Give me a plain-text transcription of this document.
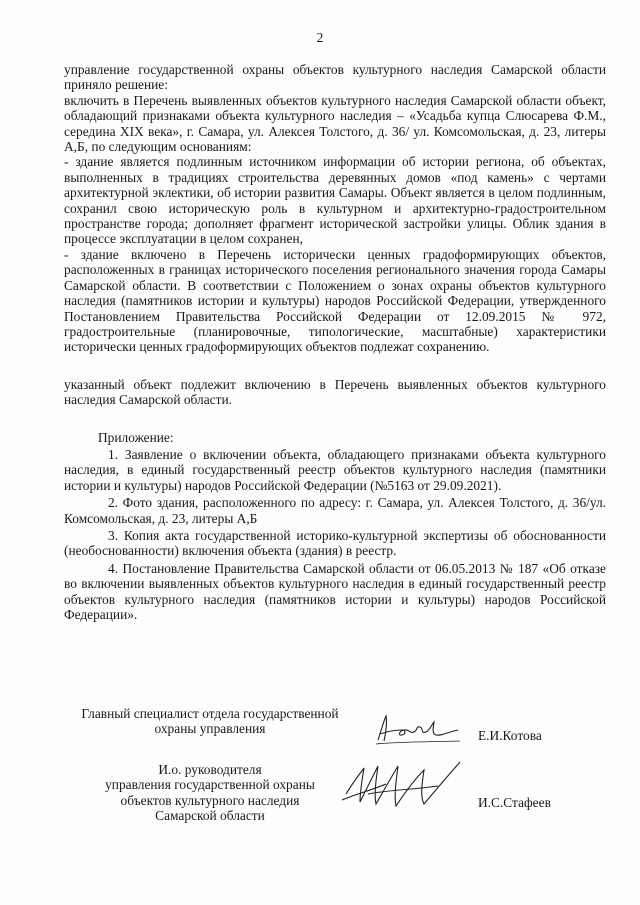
2

управление государственной охраны объектов культурного наследия Самарской области приняло решение:

включить в Перечень выявленных объектов культурного наследия Самарской области объект, обладающий признаками объекта культурного наследия – «Усадьба купца Слюсарева Ф.М., середина XIX века», г. Самара, ул. Алексея Толстого, д. 36/ ул. Комсомольская, д. 23, литеры А,Б, по следующим основаниям:

- здание является подлинным источником информации об истории региона, об объектах, выполненных в традициях строительства деревянных домов «под камень» с чертами архитектурной эклектики, об истории развития Самары. Объект является в целом подлинным, сохранил свою историческую роль в культурном и архитектурно-градостроительном пространстве города; дополняет фрагмент исторической застройки улицы. Облик здания в процессе эксплуатации в целом сохранен,

- здание включено в Перечень исторически ценных градоформирующих объектов, расположенных в границах исторического поселения регионального значения города Самары Самарской области. В соответствии с Положением о зонах охраны объектов культурного наследия (памятников истории и культуры) народов Российской Федерации, утвержденного Постановлением Правительства Российской Федерации от 12.09.2015 № 972, градостроительные (планировочные, типологические, масштабные) характеристики исторически ценных градоформирующих объектов подлежат сохранению.

указанный объект подлежит включению в Перечень выявленных объектов культурного наследия Самарской области.

Приложение:

1. Заявление о включении объекта, обладающего признаками объекта культурного наследия, в единый государственный реестр объектов культурного наследия (памятники истории и культуры) народов Российской Федерации (№5163 от 29.09.2021).

2. Фото здания, расположенного по адресу: г. Самара, ул. Алексея Толстого, д. 36/ул. Комсомольская, д. 23, литеры А,Б

3. Копия акта государственной историко-культурной экспертизы об обоснованности (необоснованности) включения объекта (здания) в реестр.

4. Постановление Правительства Самарской области от 06.05.2013 № 187 «Об отказе во включении выявленных объектов культурного наследия в единый государственный реестр объектов культурного наследия (памятников истории и культуры) народов Российской Федерации».

Главный специалист отдела государственной
охраны управления	Е.И.Котова
И.о. руководителя
управления государственной охраны
объектов культурного наследия
Самарской области
И.С.Стафеев
